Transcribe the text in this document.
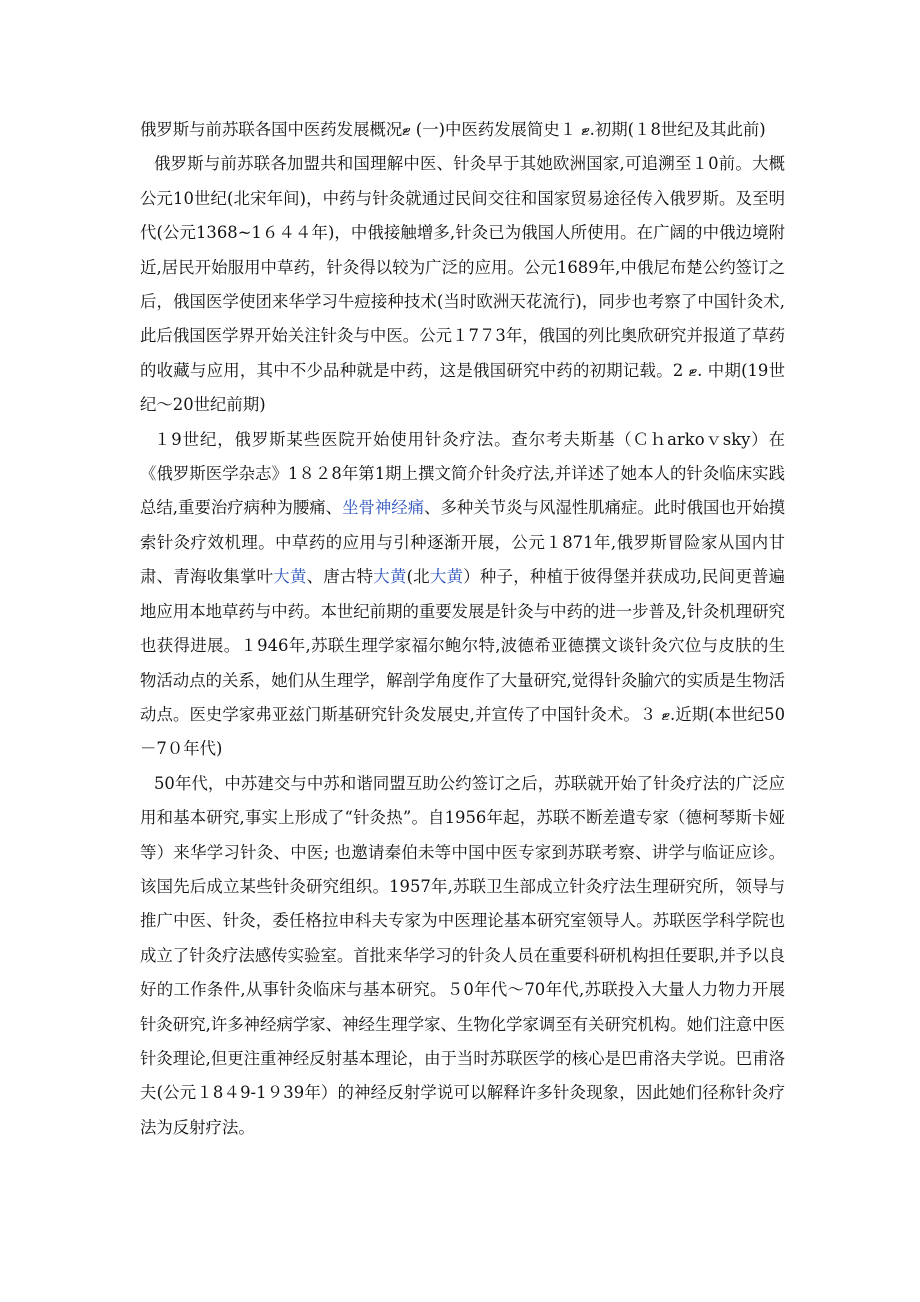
俄罗斯与前苏联各国中医药发展概况ޓ (一)中医药发展简史１ ޓ.初期(１8世纪及其此前)

俄罗斯与前苏联各加盟共和国理解中医、针灸早于其她欧洲国家,可追溯至１0前。大概公元10世纪(北宋年间)，中药与针灸就通过民间交往和国家贸易途径传入俄罗斯。及至明代(公元1368~1６４４年)，中俄接触增多,针灸已为俄国人所使用。在广阔的中俄边境附近,居民开始服用中草药，针灸得以较为广泛的应用。公元1689年,中俄尼布楚公约签订之后，俄国医学使团来华学习牛痘接种技术(当时欧洲天花流行)，同步也考察了中国针灸术,此后俄国医学界开始关注针灸与中医。公元１7７3年，俄国的列比奥欣研究并报道了草药的收藏与应用，其中不少品种就是中药，这是俄国研究中药的初期记载。2 ޓ. 中期(19世纪～20世纪前期)

１9世纪，俄罗斯某些医院开始使用针灸疗法。查尔考夫斯基（Ｃｈarkoｖsky）在《俄罗斯医学杂志》1８２8年第1期上撰文简介针灸疗法,并详述了她本人的针灸临床实践总结,重要治疗病种为腰痛、坐骨神经痛、多种关节炎与风湿性肌痛症。此时俄国也开始摸索针灸疗效机理。中草药的应用与引种逐渐开展，公元１871年,俄罗斯冒险家从国内甘肃、青海收集掌叶大黄、唐古特大黄(北大黄）种子，种植于彼得堡并获成功,民间更普遍地应用本地草药与中药。本世纪前期的重要发展是针灸与中药的进一步普及,针灸机理研究也获得进展。１946年,苏联生理学家福尔鲍尔特,波德希亚德撰文谈针灸穴位与皮肤的生物活动点的关系，她们从生理学，解剖学角度作了大量研究,觉得针灸腧穴的实质是生物活动点。医史学家弗亚兹门斯基研究针灸发展史,并宣传了中国针灸术。３ ޓ.近期(本世纪50－7０年代)

50年代，中苏建交与中苏和谐同盟互助公约签订之后，苏联就开始了针灸疗法的广泛应用和基本研究,事实上形成了“针灸热”。自1956年起，苏联不断差遣专家（德柯琴斯卡娅等）来华学习针灸、中医; 也邀请秦伯未等中国中医专家到苏联考察、讲学与临证应诊。该国先后成立某些针灸研究组织。1957年,苏联卫生部成立针灸疗法生理研究所，领导与推广中医、针灸，委任格拉申科夫专家为中医理论基本研究室领导人。苏联医学科学院也成立了针灸疗法感传实验室。首批来华学习的针灸人员在重要科研机构担任要职,并予以良好的工作条件,从事针灸临床与基本研究。５0年代～70年代,苏联投入大量人力物力开展针灸研究,许多神经病学家、神经生理学家、生物化学家调至有关研究机构。她们注意中医针灸理论,但更注重神经反射基本理论，由于当时苏联医学的核心是巴甫洛夫学说。巴甫洛夫(公元１8４9-1９39年）的神经反射学说可以解释许多针灸现象，因此她们径称针灸疗法为反射疗法。
